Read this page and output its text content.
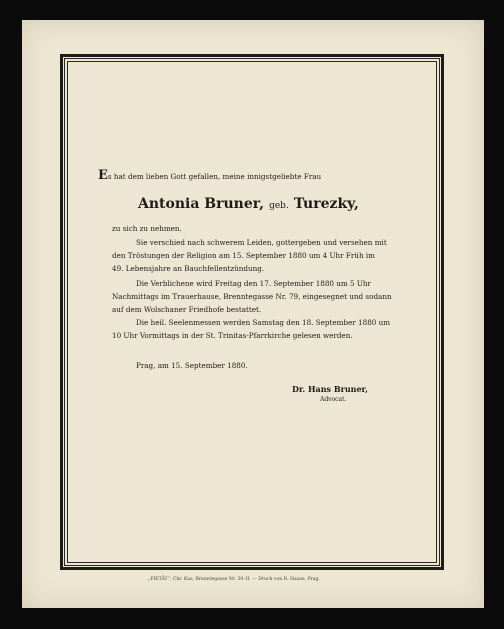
Es hat dem lieben Gott gefallen, meine innigstgeliebte Frau
Antonia Bruner, geb. Turezky,
zu sich zu nehmen.
Sie verschied nach schwerem Leiden, gottergeben und versehen mit
den Tröstungen der Religion am 15. September 1880 um 4 Uhr Früh im
49. Lebensjahre an Bauchfellentzündung.
Die Verblichene wird Freitag den 17. September 1880 um 5 Uhr
Nachmittags im Trauerhause, Brenntegasse Nr. 79, eingesegnet und sodann
auf dem Wolschaner Friedhofe bestattet.
Die heil. Seelenmessen werden Samstag den 18. September 1880 um
10 Uhr Vormittags in der St. Trinitas-Pfarrkirche gelesen werden.
Prag, am 15. September 1880.
Dr. Hans Bruner,
Advocat.
„PIETÄT“, Cbr. Kus, Brenntegasse Nr. 30–II. — Druck von R. Haase, Prag.
